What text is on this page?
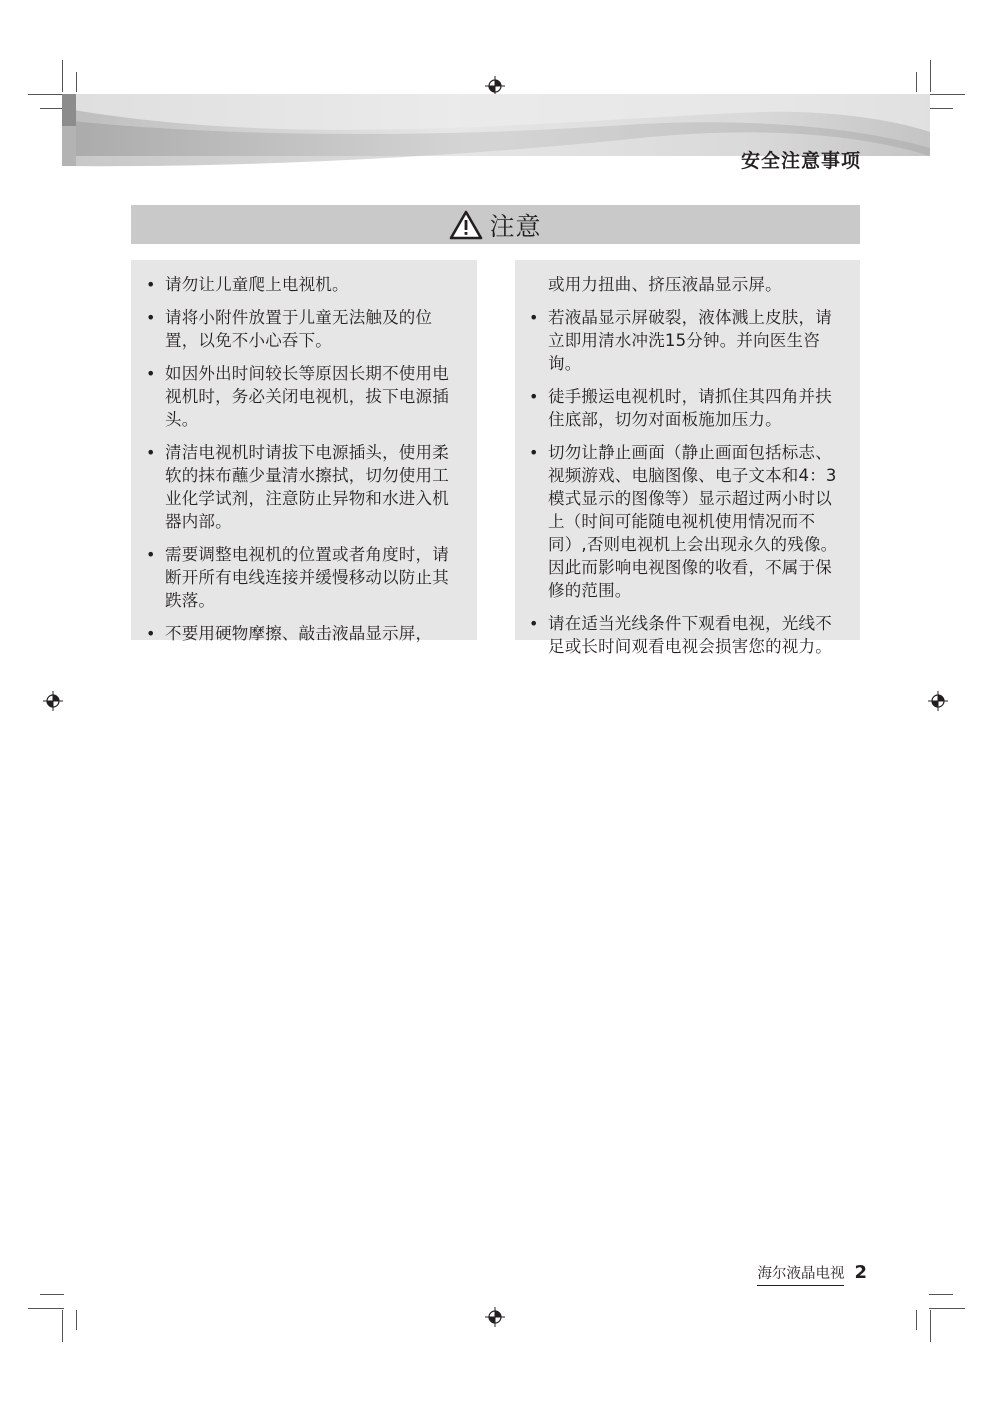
安全注意事项
注意
• 请勿让儿童爬上电视机。
• 请将小附件放置于儿童无法触及的位置，以免不小心吞下。
• 如因外出时间较长等原因长期不使用电视机时，务必关闭电视机，拔下电源插头。
• 清洁电视机时请拔下电源插头，使用柔软的抹布蘸少量清水擦拭，切勿使用工业化学试剂，注意防止异物和水进入机器内部。
• 需要调整电视机的位置或者角度时，请断开所有电线连接并缓慢移动以防止其跌落。
• 不要用硬物摩擦、敲击液晶显示屏，
或用力扭曲、挤压液晶显示屏。
• 若液晶显示屏破裂，液体溅上皮肤，请立即用清水冲洗15分钟。并向医生咨询。
• 徒手搬运电视机时，请抓住其四角并扶住底部，切勿对面板施加压力。
• 切勿让静止画面（静止画面包括标志、视频游戏、电脑图像、电子文本和4：3模式显示的图像等）显示超过两小时以上（时间可能随电视机使用情况而不同）,否则电视机上会出现永久的残像。因此而影响电视图像的收看，不属于保修的范围。
• 请在适当光线条件下观看电视，光线不足或长时间观看电视会损害您的视力。
海尔液晶电视 2
